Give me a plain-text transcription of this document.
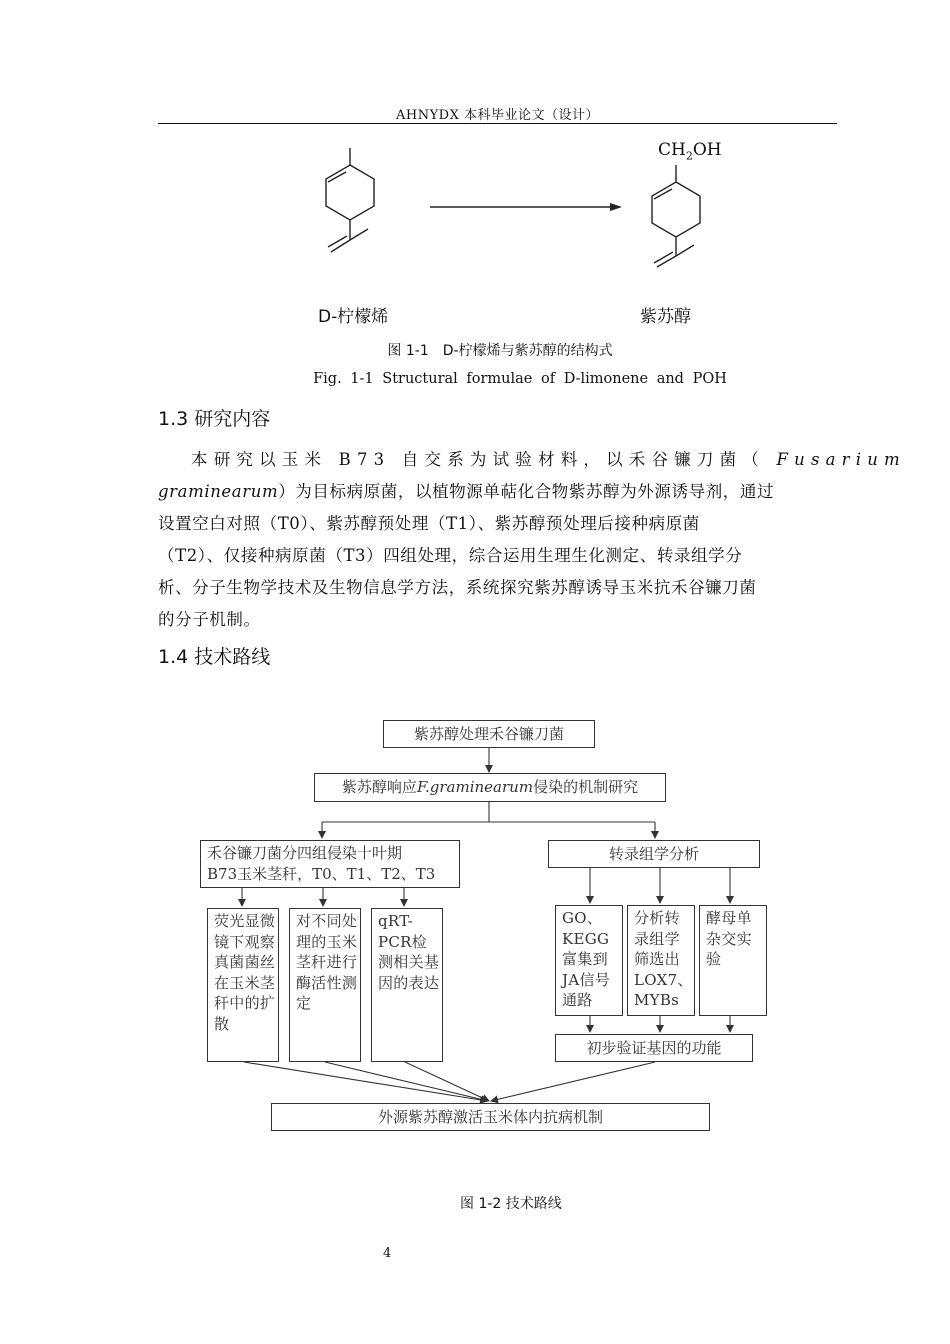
AHNYDX 本科毕业论文（设计）
$CH_2OH$
D-柠檬烯	紫苏醇
图 1-1　D-柠檬烯与紫苏醇的结构式
Fig. 1-1 Structural formulae of D-limonene and POH
1.3 研究内容
本研究以玉米 B73 自交系为试验材料，以禾谷镰刀菌（ Fusarium
graminearum）为目标病原菌，以植物源单萜化合物紫苏醇为外源诱导剂，通过
设置空白对照（T0）、紫苏醇预处理（T1）、紫苏醇预处理后接种病原菌
（T2）、仅接种病原菌（T3）四组处理，综合运用生理生化测定、转录组学分
析、分子生物学技术及生物信息学方法，系统探究紫苏醇诱导玉米抗禾谷镰刀菌
的分子机制。
1.4 技术路线
紫苏醇处理禾谷镰刀菌
紫苏醇响应 F.graminearum 侵染的机制研究
禾谷镰刀菌分四组侵染十叶期
B73玉米茎秆，T0、T1、T2、T3
转录组学分析
荧光显微镜下观察真菌菌丝在玉米茎秆中的扩散
对不同处理的玉米茎秆进行酶活性测定
qRT-PCR检测相关基因的表达
GO、KEGG富集到JA信号通路
分析转录组学筛选出LOX7、MYBs
酵母单杂交实验
初步验证基因的功能
外源紫苏醇激活玉米体内抗病机制
图 1-2 技术路线
4
